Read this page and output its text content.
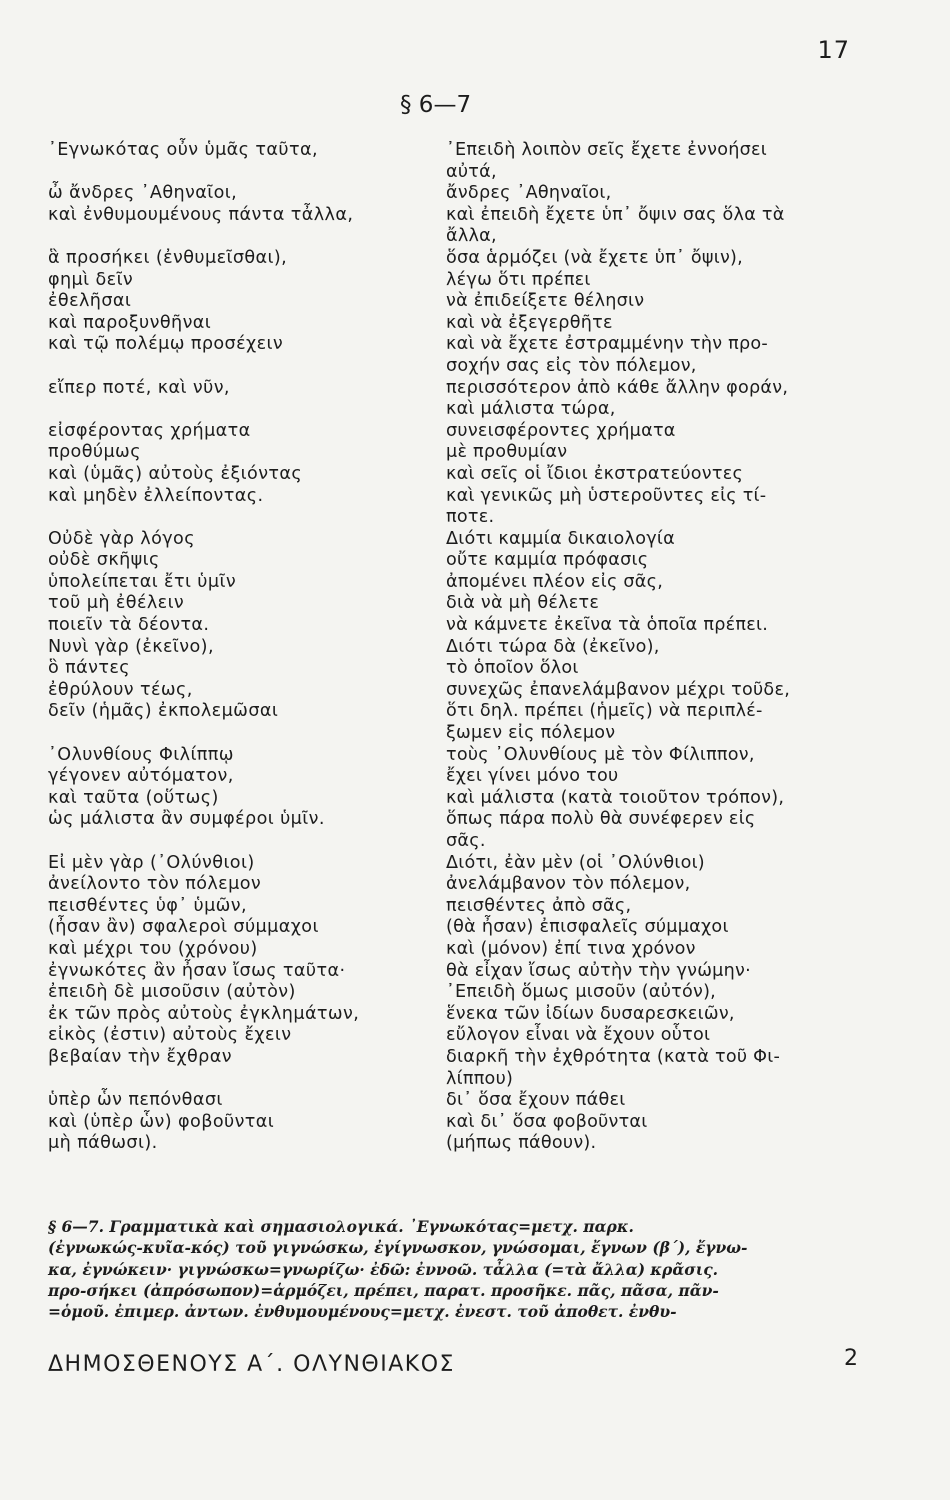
17
§ 6—7
᾿Εγνωκότας οὖν ὑμᾶς ταῦτα,
ὦ ἄνδρες ᾿Αθηναῖοι,
καὶ ἐνθυμουμένους πάντα τἆλλα,
ἃ προσήκει (ἐνθυμεῖσθαι),
φημὶ δεῖν
ἐθελῆσαι
καὶ παροξυνθῆναι
καὶ τῷ πολέμῳ προσέχειν
εἴπερ ποτέ, καὶ νῦν,
εἰσφέροντας χρήματα
προθύμως
καὶ (ὑμᾶς) αὐτοὺς ἐξιόντας
καὶ μηδὲν ἐλλείποντας.
Οὐδὲ γὰρ λόγος
οὐδὲ σκῆψις
ὑπολείπεται ἔτι ὑμῖν
τοῦ μὴ ἐθέλειν
ποιεῖν τὰ δέοντα.
Νυνὶ γὰρ (ἐκεῖνο),
ὃ πάντες
ἐθρύλουν τέως,
δεῖν (ἡμᾶς) ἐκπολεμῶσαι
᾿Ολυνθίους Φιλίππῳ
γέγονεν αὐτόματον,
καὶ ταῦτα (οὕτως)
ὡς μάλιστα ἂν συμφέροι ὑμῖν.
Εἰ μὲν γὰρ (᾿Ολύνθιοι)
ἀνείλοντο τὸν πόλεμον
πεισθέντες ὑφ᾿ ὑμῶν,
(ἦσαν ἂν) σφαλεροὶ σύμμαχοι
καὶ μέχρι του (χρόνου)
ἐγνωκότες ἂν ἦσαν ἴσως ταῦτα·
ἐπειδὴ δὲ μισοῦσιν (αὐτὸν)
ἐκ τῶν πρὸς αὐτοὺς ἐγκλημάτων,
εἰκὸς (ἐστιν) αὐτοὺς ἔχειν
βεβαίαν τὴν ἔχθραν
ὑπὲρ ὧν πεπόνθασι
καὶ (ὑπὲρ ὧν) φοβοῦνται
μὴ πάθωσι).
᾿Επειδὴ λοιπὸν σεῖς ἔχετε ἐννοήσει
αὐτά,
ἄνδρες ᾿Αθηναῖοι,
καὶ ἐπειδὴ ἔχετε ὑπ᾿ ὄψιν σας ὅλα τὰ
ἄλλα,
ὅσα ἁρμόζει (νὰ ἔχετε ὑπ᾿ ὄψιν),
λέγω ὅτι πρέπει
νὰ ἐπιδείξετε θέλησιν
καὶ νὰ ἐξεγερθῆτε
καὶ νὰ ἔχετε ἐστραμμένην τὴν προ-
σοχήν σας εἰς τὸν πόλεμον,
περισσότερον ἀπὸ κάθε ἄλλην φοράν,
καὶ μάλιστα τώρα,
συνεισφέροντες χρήματα
μὲ προθυμίαν
καὶ σεῖς οἱ ἴδιοι ἐκστρατεύοντες
καὶ γενικῶς μὴ ὑστεροῦντες εἰς τί-
ποτε.
Διότι καμμία δικαιολογία
οὔτε καμμία πρόφασις
ἀπομένει πλέον εἰς σᾶς,
διὰ νὰ μὴ θέλετε
νὰ κάμνετε ἐκεῖνα τὰ ὁποῖα πρέπει.
Διότι τώρα δὰ (ἐκεῖνο),
τὸ ὁποῖον ὅλοι
συνεχῶς ἐπανελάμβανον μέχρι τοῦδε,
ὅτι δηλ. πρέπει (ἡμεῖς) νὰ περιπλέ-
ξωμεν εἰς πόλεμον
τοὺς ᾿Ολυνθίους μὲ τὸν Φίλιππον,
ἔχει γίνει μόνο του
καὶ μάλιστα (κατὰ τοιοῦτον τρόπον),
ὅπως πάρα πολὺ θὰ συνέφερεν εἰς
σᾶς.
Διότι, ἐὰν μὲν (οἱ ᾿Ολύνθιοι)
ἀνελάμβανον τὸν πόλεμον,
πεισθέντες ἀπὸ σᾶς,
(θὰ ἦσαν) ἐπισφαλεῖς σύμμαχοι
καὶ (μόνον) ἐπί τινα χρόνον
θὰ εἶχαν ἴσως αὐτὴν τὴν γνώμην·
᾿Επειδὴ ὅμως μισοῦν (αὐτόν),
ἕνεκα τῶν ἰδίων δυσαρεσκειῶν,
εὔλογον εἶναι νὰ ἔχουν οὗτοι
διαρκῆ τὴν ἐχθρότητα (κατὰ τοῦ Φι-
λίππου)
δι᾿ ὅσα ἔχουν πάθει
καὶ δι᾿ ὅσα φοβοῦνται
(μήπως πάθουν).
§ 6—7. Γραμματικὰ καὶ σημασιολογικά. ᾿Εγνωκότας=μετχ. παρκ.
(ἐγνωκώς-κυῖα-κός) τοῦ γιγνώσκω, ἐγίγνωσκον, γνώσομαι, ἔγνων (β΄), ἔγνω-
κα, ἐγνώκειν· γιγνώσκω=γνωρίζω· ἐδῶ: ἐννοῶ. τἆλλα (=τὰ ἄλλα) κρᾶσις.
προ-σήκει (ἀπρόσωπον)=ἁρμόζει, πρέπει, παρατ. προσῆκε. πᾶς, πᾶσα, πᾶν-
=ὁμοῦ. ἐπιμερ. ἀντων. ἐνθυμουμένους=μετχ. ἐνεστ. τοῦ ἀποθετ. ἐνθυ-
ΔΗΜΟΣΘΕΝΟΥΣ Α΄. ΟΛΥΝΘΙΑΚΟΣ	2
